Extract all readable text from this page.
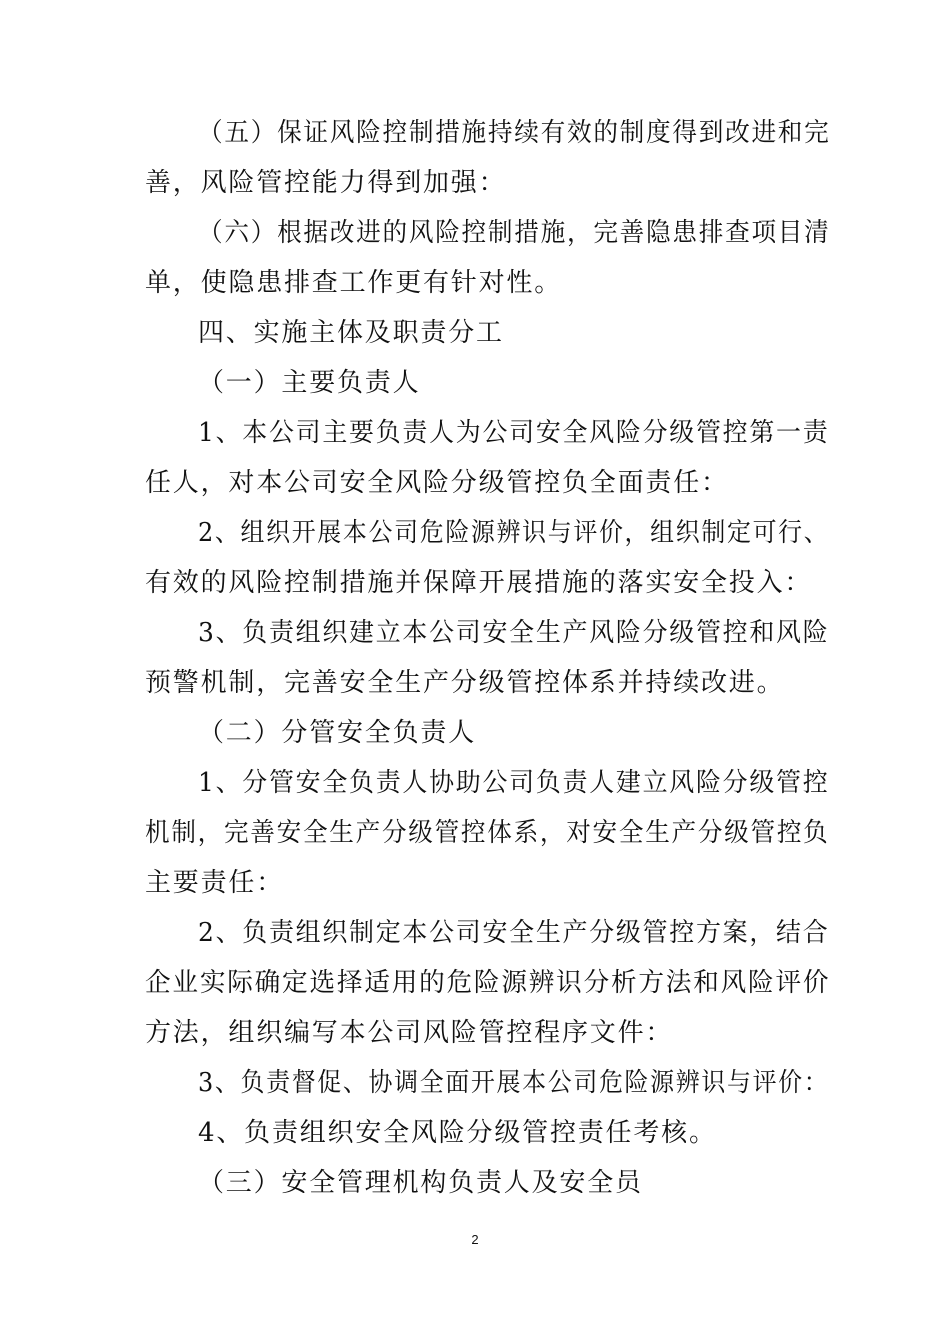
（五）保证风险控制措施持续有效的制度得到改进和完
善，风险管控能力得到加强：
（六）根据改进的风险控制措施，完善隐患排查项目清
单，使隐患排查工作更有针对性。
四、实施主体及职责分工
（一）主要负责人
1、本公司主要负责人为公司安全风险分级管控第一责
任人，对本公司安全风险分级管控负全面责任：
2、组织开展本公司危险源辨识与评价，组织制定可行、
有效的风险控制措施并保障开展措施的落实安全投入：
3、负责组织建立本公司安全生产风险分级管控和风险
预警机制，完善安全生产分级管控体系并持续改进。
（二）分管安全负责人
1、分管安全负责人协助公司负责人建立风险分级管控
机制，完善安全生产分级管控体系，对安全生产分级管控负
主要责任：
2、负责组织制定本公司安全生产分级管控方案，结合
企业实际确定选择适用的危险源辨识分析方法和风险评价
方法，组织编写本公司风险管控程序文件：
3、负责督促、协调全面开展本公司危险源辨识与评价：
4、负责组织安全风险分级管控责任考核。
（三）安全管理机构负责人及安全员
2
